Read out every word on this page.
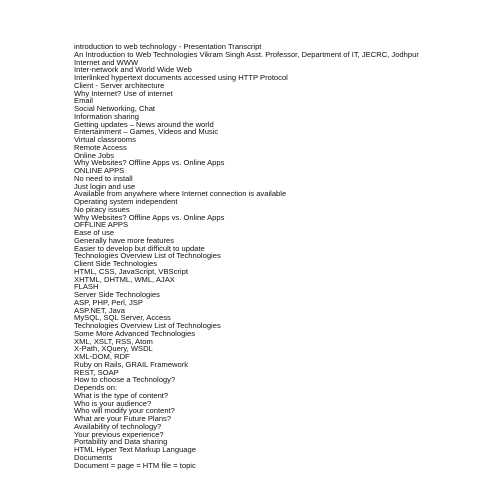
introduction to web technology - Presentation Transcript
An Introduction to Web Technologies Vikram Singh Asst. Professor, Department of IT, JECRC, Jodhpur
Internet and WWW
Inter-network and World Wide Web
Interlinked hypertext documents accessed using HTTP Protocol
Client - Server architecture
Why Internet? Use of internet
Email
Social Networking, Chat
Information sharing
Getting updates – News around the world
Entertainment – Games, Videos and Music
Virtual classrooms
Remote Access
Online Jobs
Why Websites? Offline Apps vs. Online Apps
ONLINE APPS
No need to install
Just login and use
Available from anywhere where Internet connection is available
Operating system independent
No piracy issues
Why Websites? Offline Apps vs. Online Apps
OFFLINE APPS
Ease of use
Generally have more features
Easier to develop but difficult to update
Technologies Overview List of Technologies
Client Side Technologies
HTML, CSS, JavaScript, VBScript
XHTML, DHTML, WML, AJAX
FLASH
Server Side Technologies
ASP, PHP, Perl, JSP
ASP.NET, Java
MySQL, SQL Server, Access
Technologies Overview List of Technologies
Some More Advanced Technologies
XML, XSLT, RSS, Atom
X-Path, XQuery, WSDL
XML-DOM, RDF
Ruby on Rails, GRAIL Framework
REST, SOAP
How to choose a Technology?
Depends on:
What is the type of content?
Who is your audience?
Who will modify your content?
What are your Future Plans?
Availability of technology?
Your previous experience?
Portability and Data sharing
HTML Hyper Text Markup Language
Documents
Document = page = HTM file = topic
